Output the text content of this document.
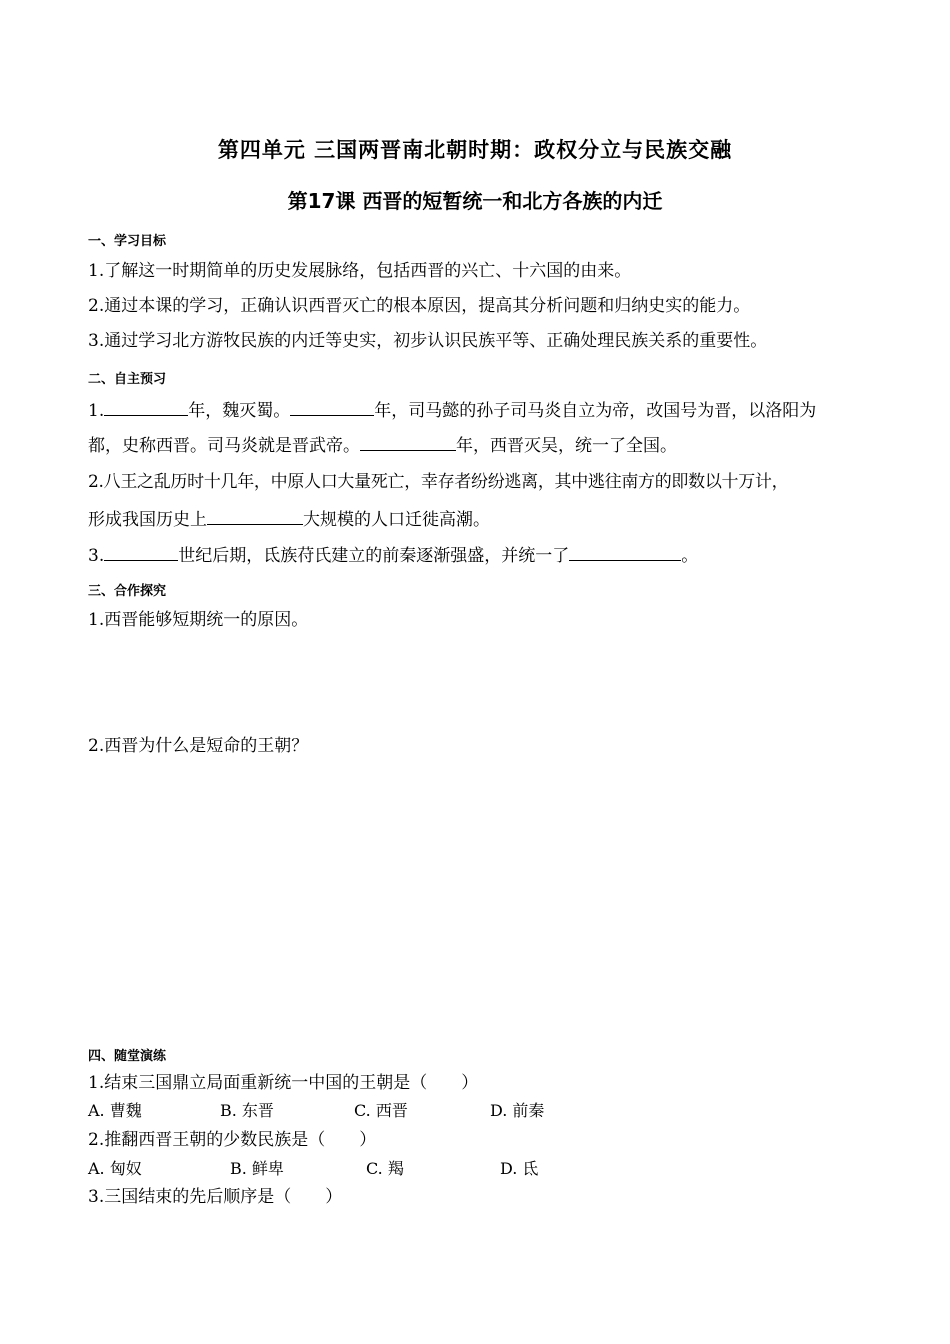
第四单元 三国两晋南北朝时期：政权分立与民族交融
第17课 西晋的短暂统一和北方各族的内迁
一、学习目标
1.了解这一时期简单的历史发展脉络，包括西晋的兴亡、十六国的由来。
2.通过本课的学习，正确认识西晋灭亡的根本原因，提高其分析问题和归纳史实的能力。
3.通过学习北方游牧民族的内迁等史实，初步认识民族平等、正确处理民族关系的重要性。
二、自主预习
1.	年，魏灭蜀。	年，司马懿的孙子司马炎自立为帝，改国号为晋，以洛阳为
都，史称西晋。司马炎就是晋武帝。	年，西晋灭吴，统一了全国。
2.八王之乱历时十几年，中原人口大量死亡，幸存者纷纷逃离，其中逃往南方的即数以十万计，
形成我国历史上	大规模的人口迁徙高潮。
3.	世纪后期，氐族苻氏建立的前秦逐渐强盛，并统一了	。
三、合作探究
1.西晋能够短期统一的原因。
2.西晋为什么是短命的王朝？
四、随堂演练
1.结束三国鼎立局面重新统一中国的王朝是（　　）
A. 曹魏	B. 东晋	C. 西晋	D. 前秦
2.推翻西晋王朝的少数民族是（　　）
A. 匈奴	B. 鲜卑	C. 羯	D. 氐
3.三国结束的先后顺序是（　　）
